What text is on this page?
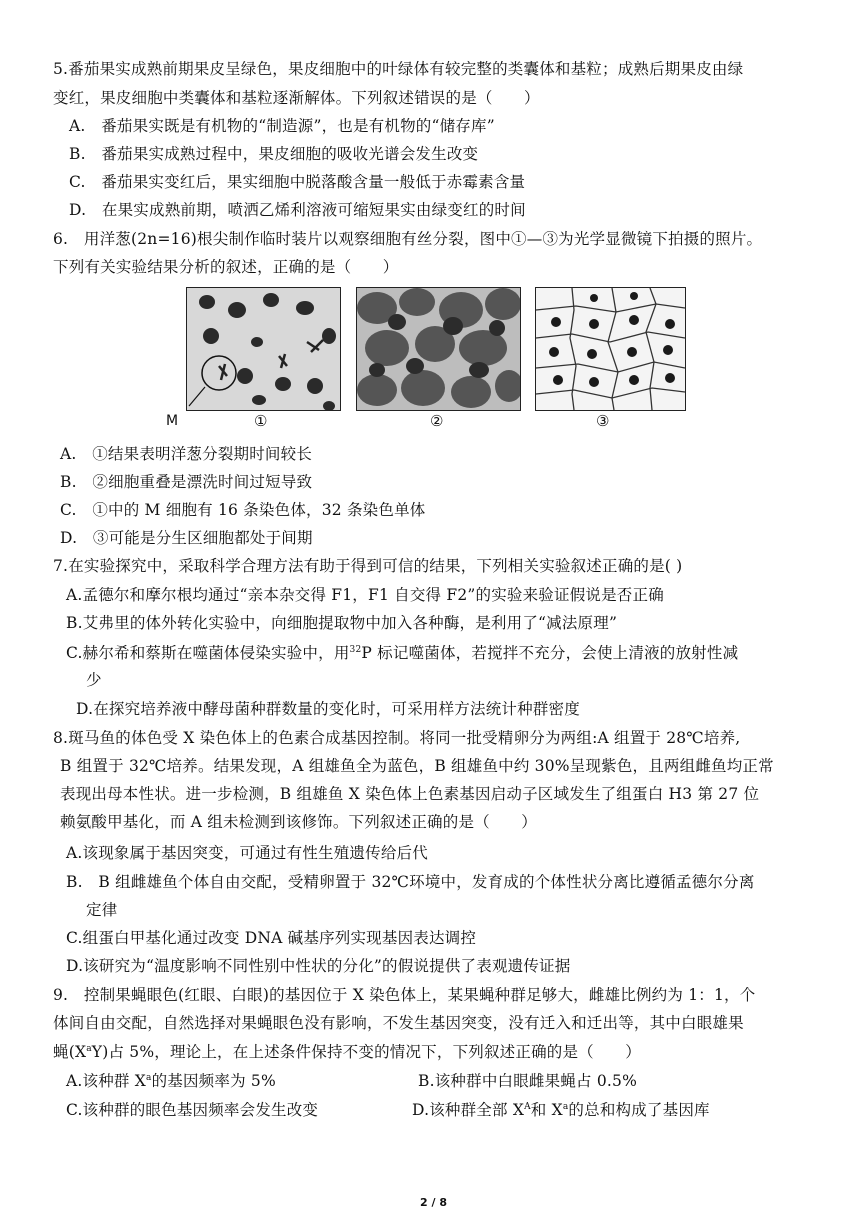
5.番茄果实成熟前期果皮呈绿色，果皮细胞中的叶绿体有较完整的类囊体和基粒；成熟后期果皮由绿
变红，果皮细胞中类囊体和基粒逐渐解体。下列叙述错误的是（　　）
A.　番茄果实既是有机物的“制造源”，也是有机物的“储存库”
B.　番茄果实成熟过程中，果皮细胞的吸收光谱会发生改变
C.　番茄果实变红后，果实细胞中脱落酸含量一般低于赤霉素含量
D.　在果实成熟前期，喷洒乙烯利溶液可缩短果实由绿变红的时间
6.　用洋葱(2n=16)根尖制作临时装片以观察细胞有丝分裂，图中①—③为光学显微镜下拍摄的照片。
下列有关实验结果分析的叙述，正确的是（　　）
M	①	②	③
A.　①结果表明洋葱分裂期时间较长
B.　②细胞重叠是漂洗时间过短导致
C.　①中的 M 细胞有 16 条染色体，32 条染色单体
D.　③可能是分生区细胞都处于间期
7.在实验探究中，采取科学合理方法有助于得到可信的结果，下列相关实验叙述正确的是( )
A.孟德尔和摩尔根均通过“亲本杂交得 F1，F1 自交得 F2”的实验来验证假说是否正确
B.艾弗里的体外转化实验中，向细胞提取物中加入各种酶，是利用了“减法原理”
C.赫尔希和蔡斯在噬菌体侵染实验中，用$^{32}$P 标记噬菌体，若搅拌不充分，会使上清液的放射性减
少
D.在探究培养液中酵母菌种群数量的变化时，可采用样方法统计种群密度
8.斑马鱼的体色受 X 染色体上的色素合成基因控制。将同一批受精卵分为两组:A 组置于 28℃培养,
B 组置于 32℃培养。结果发现，A 组雄鱼全为蓝色，B 组雄鱼中约 30%呈现紫色，且两组雌鱼均正常
表现出母本性状。进一步检测，B 组雄鱼 X 染色体上色素基因启动子区域发生了组蛋白 H3 第 27 位
赖氨酸甲基化，而 A 组未检测到该修饰。下列叙述正确的是（　　）
A.该现象属于基因突变，可通过有性生殖遗传给后代
B.　B 组雌雄鱼个体自由交配，受精卵置于 32℃环境中，发育成的个体性状分离比遵循孟德尔分离
定律
C.组蛋白甲基化通过改变 DNA 碱基序列实现基因表达调控
D.该研究为“温度影响不同性别中性状的分化”的假说提供了表观遗传证据
9.　控制果蝇眼色(红眼、白眼)的基因位于 X 染色体上，某果蝇种群足够大，雌雄比例约为 1：1，个
体间自由交配，自然选择对果蝇眼色没有影响，不发生基因突变，没有迁入和迁出等，其中白眼雄果
蝇$(X^aY)$占 5%，理论上，在上述条件保持不变的情况下，下列叙述正确的是（　　）
A.该种群 $X^a$的基因频率为 5%	B.该种群中白眼雌果蝇占 0.5%
C.该种群的眼色基因频率会发生改变	D.该种群全部 $X^A$和 $X^a$的总和构成了基因库
2 / 8
